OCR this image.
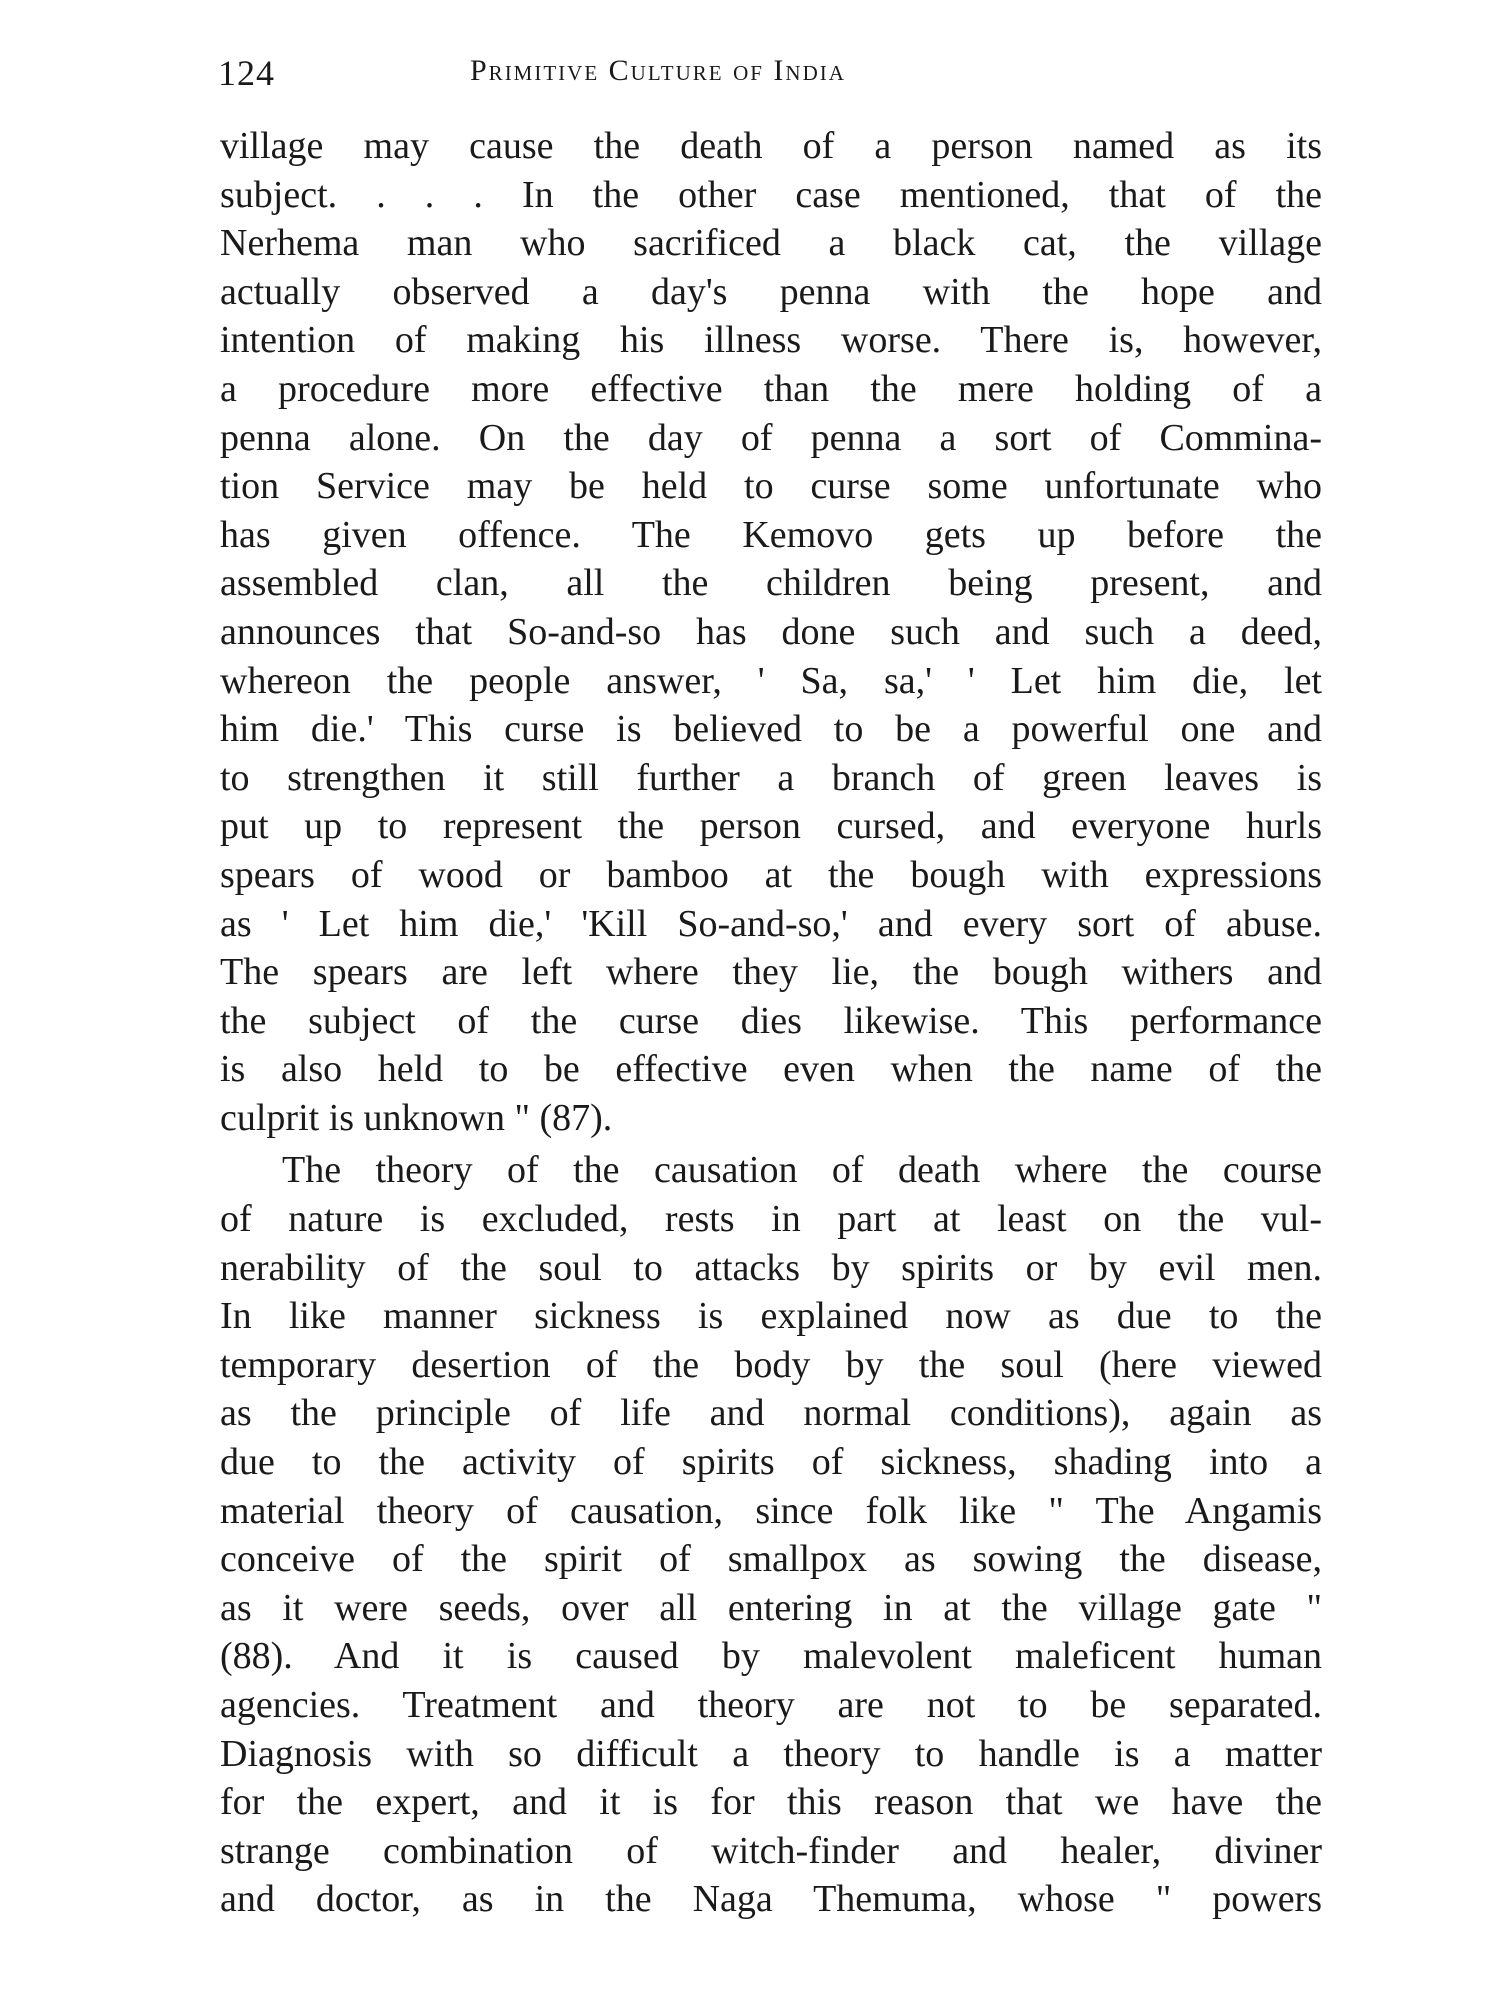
124	Primitive Culture of India
village may cause the death of a person named as its
subject. . . . In the other case mentioned, that of the
Nerhema man who sacrificed a black cat, the village
actually observed a day's penna with the hope and
intention of making his illness worse. There is, however,
a procedure more effective than the mere holding of a
penna alone. On the day of penna a sort of Commina-
tion Service may be held to curse some unfortunate who
has given offence. The Kemovo gets up before the
assembled clan, all the children being present, and
announces that So-and-so has done such and such a deed,
whereon the people answer, ' Sa, sa,' ' Let him die, let
him die.' This curse is believed to be a powerful one and
to strengthen it still further a branch of green leaves is
put up to represent the person cursed, and everyone hurls
spears of wood or bamboo at the bough with expressions
as ' Let him die,' 'Kill So-and-so,' and every sort of abuse.
The spears are left where they lie, the bough withers and
the subject of the curse dies likewise. This performance
is also held to be effective even when the name of the
culprit is unknown " (87).
The theory of the causation of death where the course
of nature is excluded, rests in part at least on the vul-
nerability of the soul to attacks by spirits or by evil men.
In like manner sickness is explained now as due to the
temporary desertion of the body by the soul (here viewed
as the principle of life and normal conditions), again as
due to the activity of spirits of sickness, shading into a
material theory of causation, since folk like " The Angamis
conceive of the spirit of smallpox as sowing the disease,
as it were seeds, over all entering in at the village gate "
(88). And it is caused by malevolent maleficent human
agencies. Treatment and theory are not to be separated.
Diagnosis with so difficult a theory to handle is a matter
for the expert, and it is for this reason that we have the
strange combination of witch-finder and healer, diviner
and doctor, as in the Naga Themuma, whose " powers
